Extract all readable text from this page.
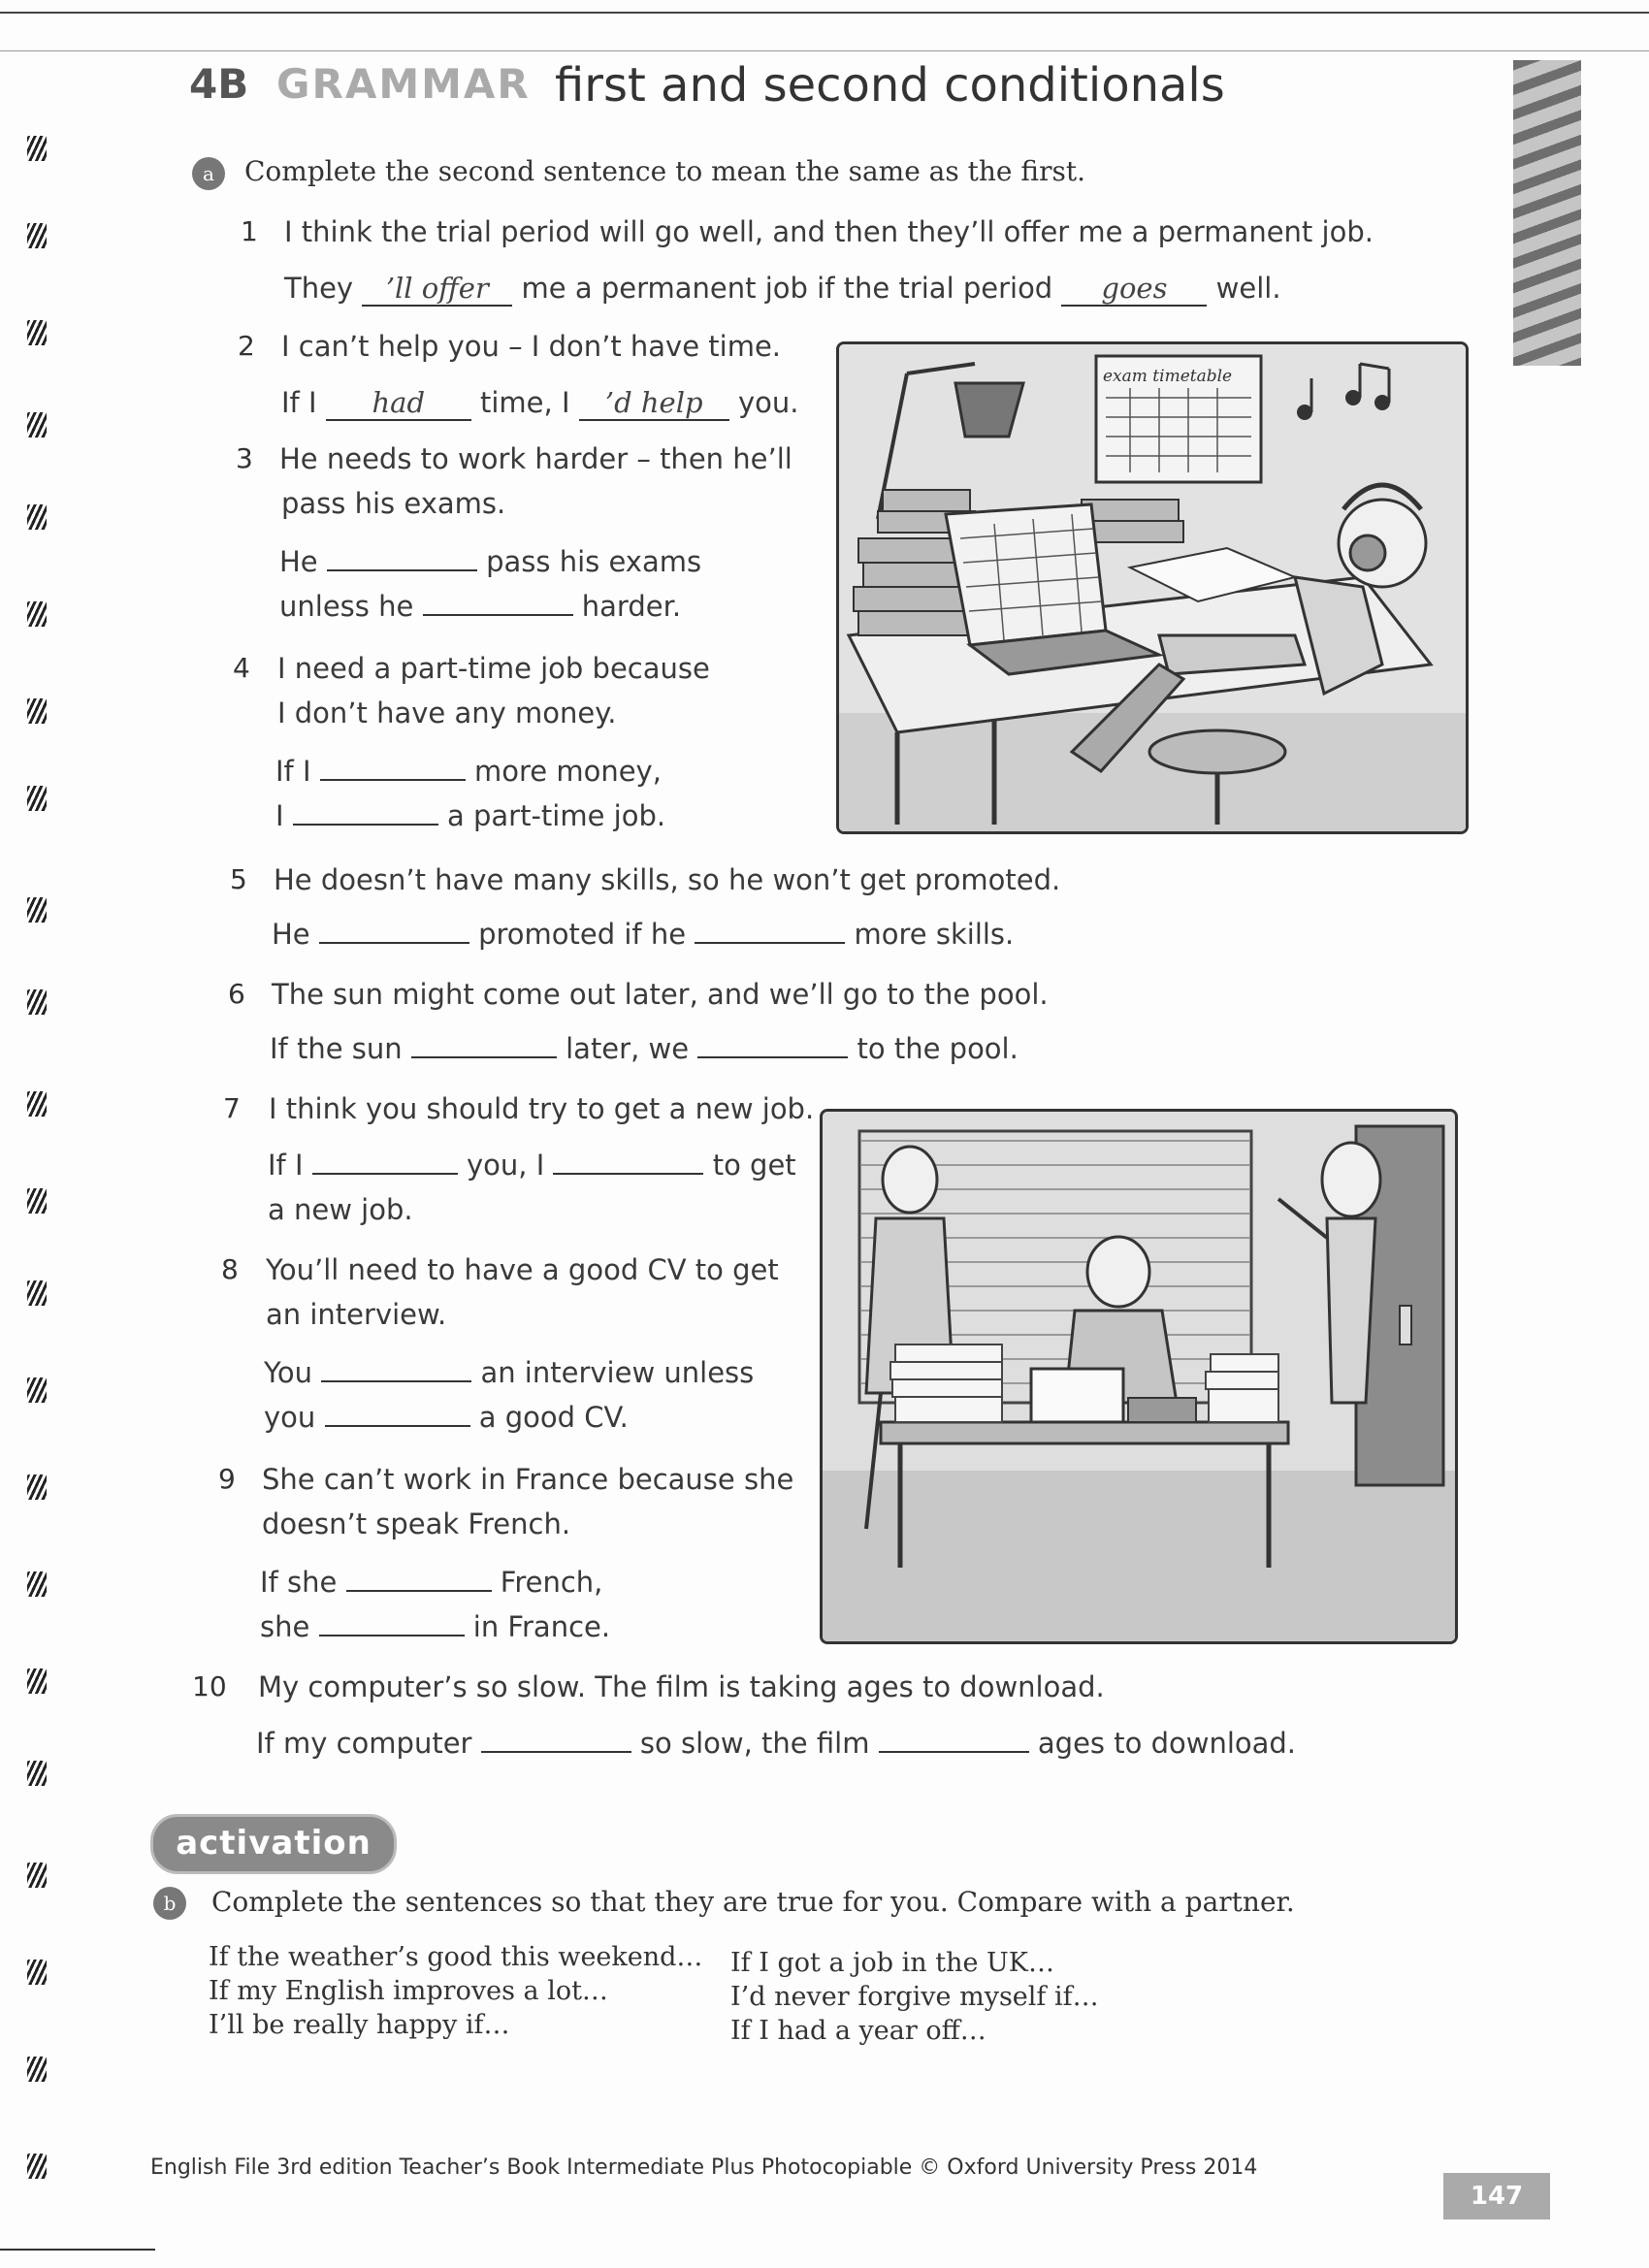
4B GRAMMAR first and second conditionals
a	Complete the second sentence to mean the same as the first.
1 I think the trial period will go well, and then they’ll offer me a permanent job.
They ’ll offer me a permanent job if the trial period goes well.
2 I can’t help you – I don’t have time.
If I had time, I ’d help you.
3 He needs to work harder – then he’ll
pass his exams.
He	pass his exams
unless he	harder.
4 I need a part-time job because
I don’t have any money.
If I	more money,
I	a part-time job.
5 He doesn’t have many skills, so he won’t get promoted.
He	promoted if he	more skills.
6 The sun might come out later, and we’ll go to the pool.
If the sun	later, we	to the pool.
7 I think you should try to get a new job.
If I	you, I	to get
a new job.
8 You’ll need to have a good CV to get
an interview.
You	an interview unless
you	a good CV.
9 She can’t work in France because she
doesn’t speak French.
If she	French,
she	in France.
10 My computer’s so slow. The film is taking ages to download.
If my computer	so slow, the film	ages to download.
exam timetable
activation
b	Complete the sentences so that they are true for you. Compare with a partner.
If the weather’s good this weekend…
If my English improves a lot…
I’ll be really happy if…
If I got a job in the UK…
I’d never forgive myself if…
If I had a year off…
English File 3rd edition Teacher’s Book Intermediate Plus Photocopiable © Oxford University Press 2014
147
